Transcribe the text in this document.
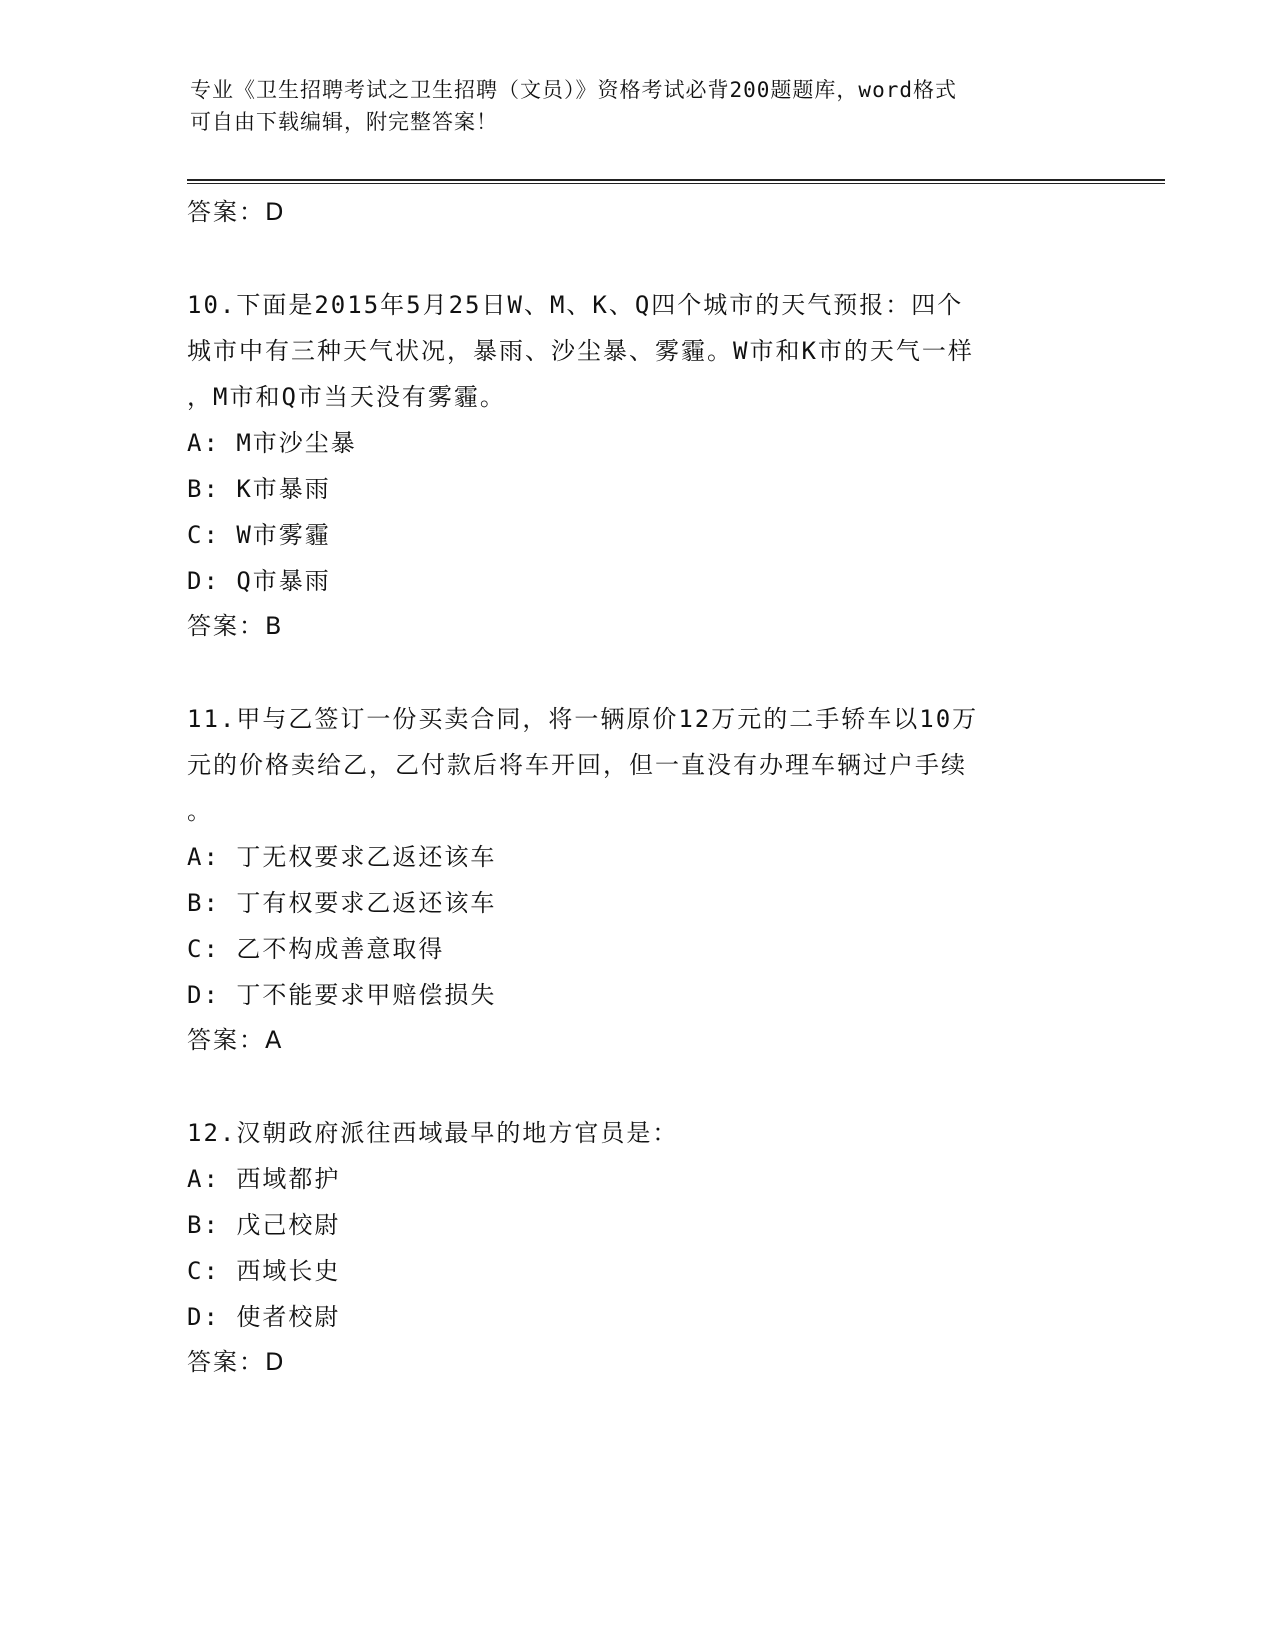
专业《卫生招聘考试之卫生招聘（文员）》资格考试必背200题题库，word格式
可自由下载编辑，附完整答案！
答案：D
10.下面是2015年5月25日W、M、K、Q四个城市的天气预报：四个
城市中有三种天气状况，暴雨、沙尘暴、雾霾。W市和K市的天气一样
，M市和Q市当天没有雾霾。
A: M市沙尘暴
B: K市暴雨
C: W市雾霾
D: Q市暴雨
答案：B
11.甲与乙签订一份买卖合同，将一辆原价12万元的二手轿车以10万
元的价格卖给乙，乙付款后将车开回，但一直没有办理车辆过户手续
。
A: 丁无权要求乙返还该车
B: 丁有权要求乙返还该车
C: 乙不构成善意取得
D: 丁不能要求甲赔偿损失
答案：A
12.汉朝政府派往西域最早的地方官员是：
A: 西域都护
B: 戊己校尉
C: 西域长史
D: 使者校尉
答案：D
